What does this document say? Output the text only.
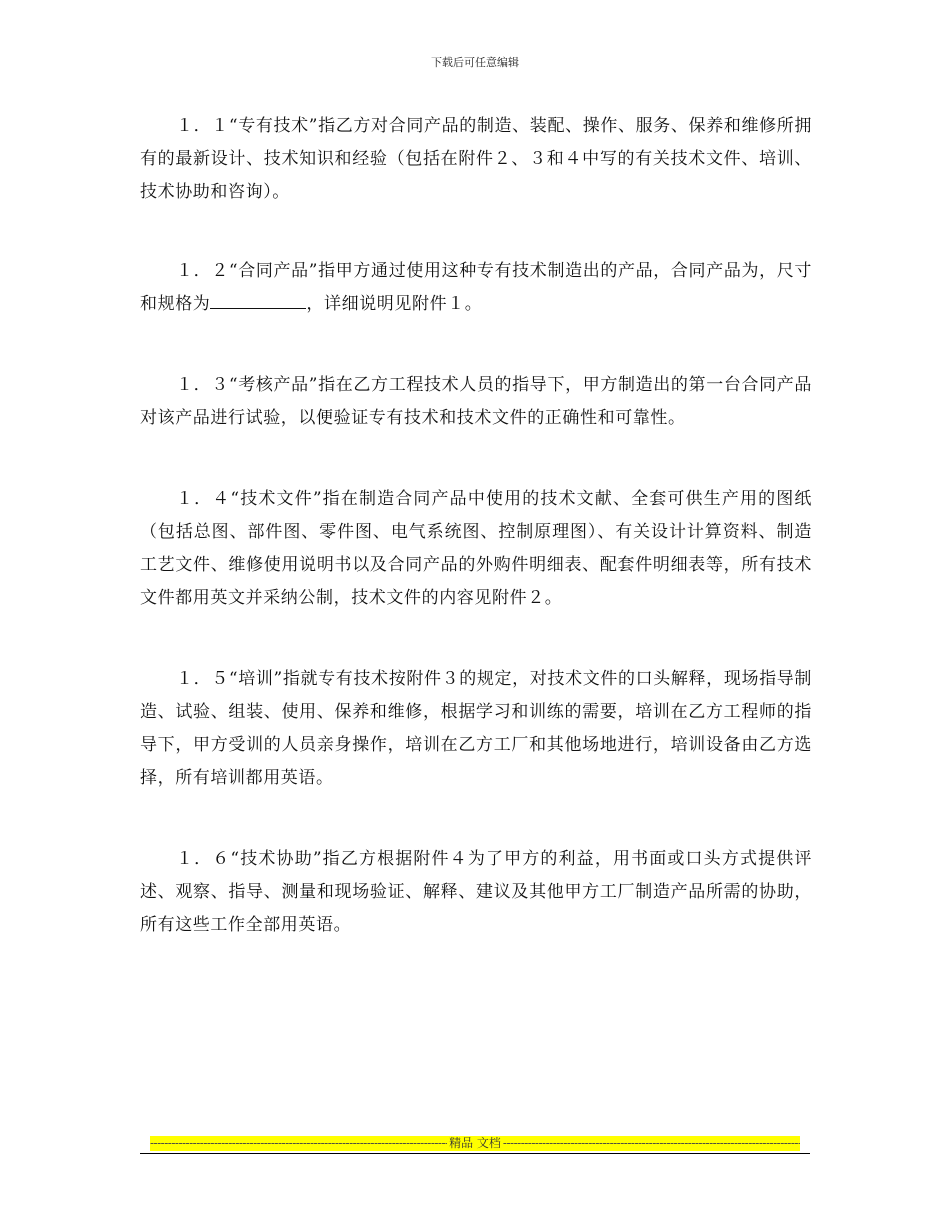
下载后可任意编辑

１．１“专有技术”指乙方对合同产品的制造、装配、操作、服务、保养和维修所拥有的最新设计、技术知识和经验（包括在附件２、３和４中写的有关技术文件、培训、技术协助和咨询）。

１．２“合同产品”指甲方通过使用这种专有技术制造出的产品，合同产品为，尺寸和规格为	，详细说明见附件１。

１．３“考核产品”指在乙方工程技术人员的指导下，甲方制造出的第一台合同产品对该产品进行试验，以便验证专有技术和技术文件的正确性和可靠性。

１．４“技术文件”指在制造合同产品中使用的技术文献、全套可供生产用的图纸（包括总图、部件图、零件图、电气系统图、控制原理图）、有关设计计算资料、制造工艺文件、维修使用说明书以及合同产品的外购件明细表、配套件明细表等，所有技术文件都用英文并采纳公制，技术文件的内容见附件２。

１．５“培训”指就专有技术按附件３的规定，对技术文件的口头解释，现场指导制造、试验、组装、使用、保养和维修，根据学习和训练的需要，培训在乙方工程师的指导下，甲方受训的人员亲身操作，培训在乙方工厂和其他场地进行，培训设备由乙方选择，所有培训都用英语。

１．６“技术协助”指乙方根据附件４为了甲方的利益，用书面或口头方式提供评述、观察、指导、测量和现场验证、解释、建议及其他甲方工厂制造产品所需的协助，所有这些工作全部用英语。

-----
精品 文档
-----
